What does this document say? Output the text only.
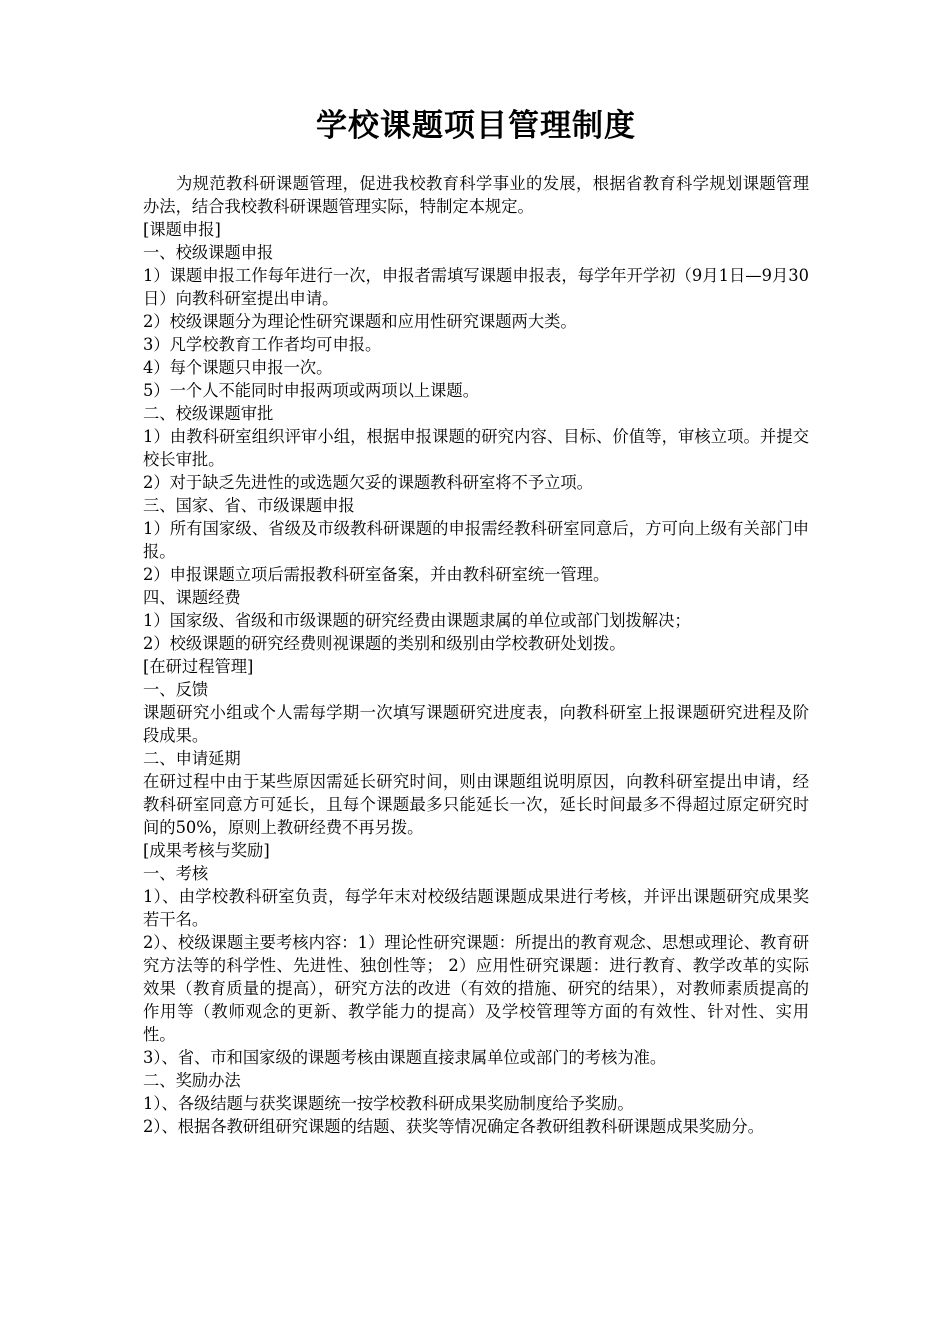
学校课题项目管理制度

为规范教科研课题管理，促进我校教育科学事业的发展，根据省教育科学规划课题管理办法，结合我校教科研课题管理实际，特制定本规定。

[课题申报]

一、校级课题申报

1）课题申报工作每年进行一次，申报者需填写课题申报表，每学年开学初（9月1日—9月30日）向教科研室提出申请。

2）校级课题分为理论性研究课题和应用性研究课题两大类。

3）凡学校教育工作者均可申报。

4）每个课题只申报一次。

5）一个人不能同时申报两项或两项以上课题。

二、校级课题审批

1）由教科研室组织评审小组，根据申报课题的研究内容、目标、价值等，审核立项。并提交校长审批。

2）对于缺乏先进性的或选题欠妥的课题教科研室将不予立项。

三、国家、省、市级课题申报

1）所有国家级、省级及市级教科研课题的申报需经教科研室同意后，方可向上级有关部门申报。

2）申报课题立项后需报教科研室备案，并由教科研室统一管理。

四、课题经费

1）国家级、省级和市级课题的研究经费由课题隶属的单位或部门划拨解决；

2）校级课题的研究经费则视课题的类别和级别由学校教研处划拨。

[在研过程管理]

一、反馈

课题研究小组或个人需每学期一次填写课题研究进度表，向教科研室上报课题研究进程及阶段成果。

二、申请延期

在研过程中由于某些原因需延长研究时间，则由课题组说明原因，向教科研室提出申请，经教科研室同意方可延长，且每个课题最多只能延长一次，延长时间最多不得超过原定研究时间的50%，原则上教研经费不再另拨。

[成果考核与奖励]

一、考核

1）、由学校教科研室负责，每学年末对校级结题课题成果进行考核，并评出课题研究成果奖若干名。

2）、校级课题主要考核内容：1）理论性研究课题：所提出的教育观念、思想或理论、教育研究方法等的科学性、先进性、独创性等； 2）应用性研究课题：进行教育、教学改革的实际效果（教育质量的提高），研究方法的改进（有效的措施、研究的结果），对教师素质提高的作用等（教师观念的更新、教学能力的提高）及学校管理等方面的有效性、针对性、实用性。

3）、省、市和国家级的课题考核由课题直接隶属单位或部门的考核为准。

二、奖励办法

1）、各级结题与获奖课题统一按学校教科研成果奖励制度给予奖励。

2）、根据各教研组研究课题的结题、获奖等情况确定各教研组教科研课题成果奖励分。
